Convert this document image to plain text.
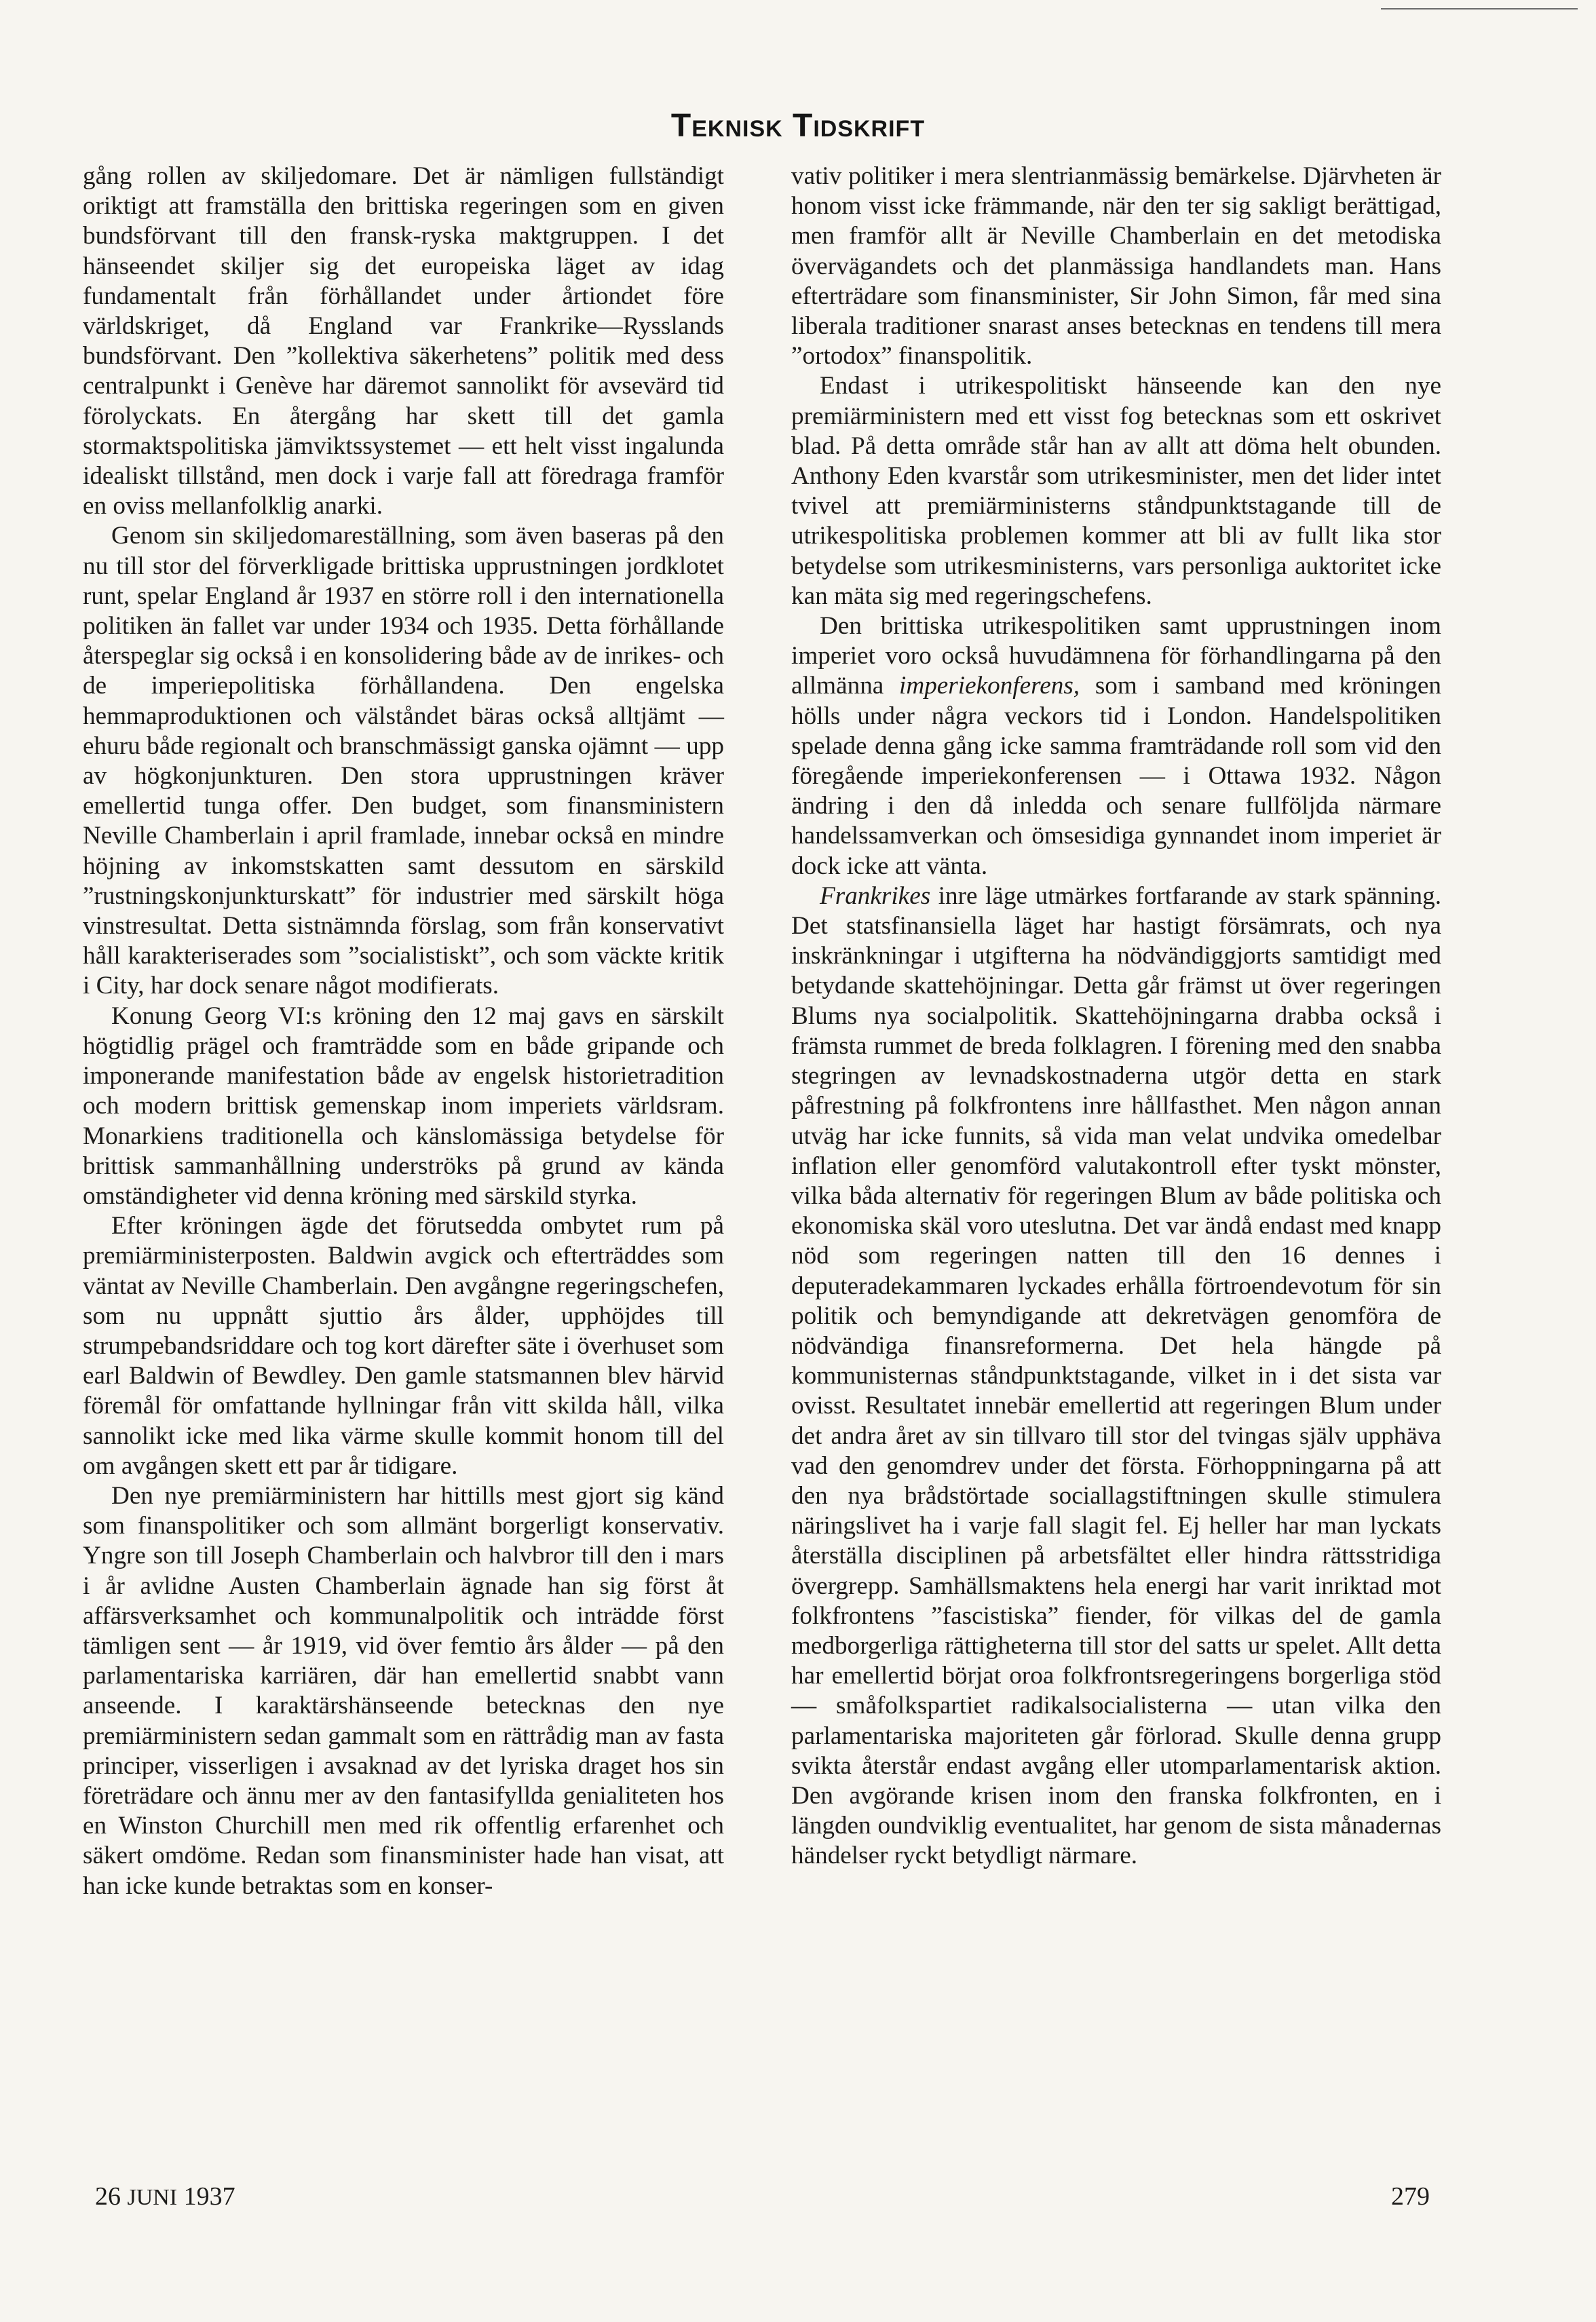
Teknisk Tidskrift

gång rollen av skiljedomare. Det är nämligen fullständigt oriktigt att framställa den brittiska regeringen som en given bundsförvant till den fransk-ryska maktgruppen. I det hänseendet skiljer sig det europeiska läget av idag fundamentalt från förhållandet under årtiondet före världskriget, då England var Frankrike—Rysslands bundsförvant. Den ”kollektiva säkerhetens” politik med dess centralpunkt i Genève har däremot sannolikt för avsevärd tid förolyckats. En återgång har skett till det gamla stormaktspolitiska jämviktssystemet — ett helt visst ingalunda idealiskt tillstånd, men dock i varje fall att föredraga framför en oviss mellanfolklig anarki.

Genom sin skiljedomareställning, som även baseras på den nu till stor del förverkligade brittiska upprustningen jordklotet runt, spelar England år 1937 en större roll i den internationella politiken än fallet var under 1934 och 1935. Detta förhållande återspeglar sig också i en konsolidering både av de inrikes- och de imperiepolitiska förhållandena. Den engelska hemmaproduktionen och välståndet bäras också alltjämt — ehuru både regionalt och branschmässigt ganska ojämnt — upp av högkonjunkturen. Den stora upprustningen kräver emellertid tunga offer. Den budget, som finansministern Neville Chamberlain i april framlade, innebar också en mindre höjning av inkomstskatten samt dessutom en särskild ”rustningskonjunkturskatt” för industrier med särskilt höga vinstresultat. Detta sistnämnda förslag, som från konservativt håll karakteriserades som ”socialistiskt”, och som väckte kritik i City, har dock senare något modifierats.

Konung Georg VI:s kröning den 12 maj gavs en särskilt högtidlig prägel och framträdde som en både gripande och imponerande manifestation både av engelsk historietradition och modern brittisk gemenskap inom imperiets världsram. Monarkiens traditionella och känslomässiga betydelse för brittisk sammanhållning underströks på grund av kända omständigheter vid denna kröning med särskild styrka.

Efter kröningen ägde det förutsedda ombytet rum på premiärministerposten. Baldwin avgick och efterträddes som väntat av Neville Chamberlain. Den avgångne regeringschefen, som nu uppnått sjuttio års ålder, upphöjdes till strumpebandsriddare och tog kort därefter säte i överhuset som earl Baldwin of Bewdley. Den gamle statsmannen blev härvid föremål för omfattande hyllningar från vitt skilda håll, vilka sannolikt icke med lika värme skulle kommit honom till del om avgången skett ett par år tidigare.

Den nye premiärministern har hittills mest gjort sig känd som finanspolitiker och som allmänt borgerligt konservativ. Yngre son till Joseph Chamberlain och halvbror till den i mars i år avlidne Austen Chamberlain ägnade han sig först åt affärsverksamhet och kommunalpolitik och inträdde först tämligen sent — år 1919, vid över femtio års ålder — på den parlamentariska karriären, där han emellertid snabbt vann anseende. I karaktärshänseende betecknas den nye premiärministern sedan gammalt som en rättrådig man av fasta principer, visserligen i avsaknad av det lyriska draget hos sin företrädare och ännu mer av den fantasifyllda genialiteten hos en Winston Churchill men med rik offentlig erfarenhet och säkert omdöme. Redan som finansminister hade han visat, att han icke kunde betraktas som en konser-

vativ politiker i mera slentrianmässig bemärkelse. Djärvheten är honom visst icke främmande, när den ter sig sakligt berättigad, men framför allt är Neville Chamberlain en det metodiska övervägandets och det planmässiga handlandets man. Hans efterträdare som finansminister, Sir John Simon, får med sina liberala traditioner snarast anses betecknas en tendens till mera ”ortodox” finanspolitik.

Endast i utrikespolitiskt hänseende kan den nye premiärministern med ett visst fog betecknas som ett oskrivet blad. På detta område står han av allt att döma helt obunden. Anthony Eden kvarstår som utrikesminister, men det lider intet tvivel att premiärministerns ståndpunktstagande till de utrikespolitiska problemen kommer att bli av fullt lika stor betydelse som utrikesministerns, vars personliga auktoritet icke kan mäta sig med regeringschefens.

Den brittiska utrikespolitiken samt upprustningen inom imperiet voro också huvudämnena för förhandlingarna på den allmänna imperiekonferens, som i samband med kröningen hölls under några veckors tid i London. Handelspolitiken spelade denna gång icke samma framträdande roll som vid den föregående imperiekonferensen — i Ottawa 1932. Någon ändring i den då inledda och senare fullföljda närmare handelssamverkan och ömsesidiga gynnandet inom imperiet är dock icke att vänta.

Frankrikes inre läge utmärkes fortfarande av stark spänning. Det statsfinansiella läget har hastigt försämrats, och nya inskränkningar i utgifterna ha nödvändiggjorts samtidigt med betydande skattehöjningar. Detta går främst ut över regeringen Blums nya socialpolitik. Skattehöjningarna drabba också i främsta rummet de breda folklagren. I förening med den snabba stegringen av levnadskostnaderna utgör detta en stark påfrestning på folkfrontens inre hållfasthet. Men någon annan utväg har icke funnits, så vida man velat undvika omedelbar inflation eller genomförd valutakontroll efter tyskt mönster, vilka båda alternativ för regeringen Blum av både politiska och ekonomiska skäl voro uteslutna. Det var ändå endast med knapp nöd som regeringen natten till den 16 dennes i deputeradekammaren lyckades erhålla förtroendevotum för sin politik och bemyndigande att dekretvägen genomföra de nödvändiga finansreformerna. Det hela hängde på kommunisternas ståndpunktstagande, vilket in i det sista var ovisst. Resultatet innebär emellertid att regeringen Blum under det andra året av sin tillvaro till stor del tvingas själv upphäva vad den genomdrev under det första. Förhoppningarna på att den nya brådstörtade sociallagstiftningen skulle stimulera näringslivet ha i varje fall slagit fel. Ej heller har man lyckats återställa disciplinen på arbetsfältet eller hindra rättsstridiga övergrepp. Samhällsmaktens hela energi har varit inriktad mot folkfrontens ”fascistiska” fiender, för vilkas del de gamla medborgerliga rättigheterna till stor del satts ur spelet. Allt detta har emellertid börjat oroa folkfrontsregeringens borgerliga stöd — småfolkspartiet radikalsocialisterna — utan vilka den parlamentariska majoriteten går förlorad. Skulle denna grupp svikta återstår endast avgång eller utomparlamentarisk aktion. Den avgörande krisen inom den franska folkfronten, en i längden oundviklig eventualitet, har genom de sista månadernas händelser ryckt betydligt närmare.

26 JUNI 1937	279
